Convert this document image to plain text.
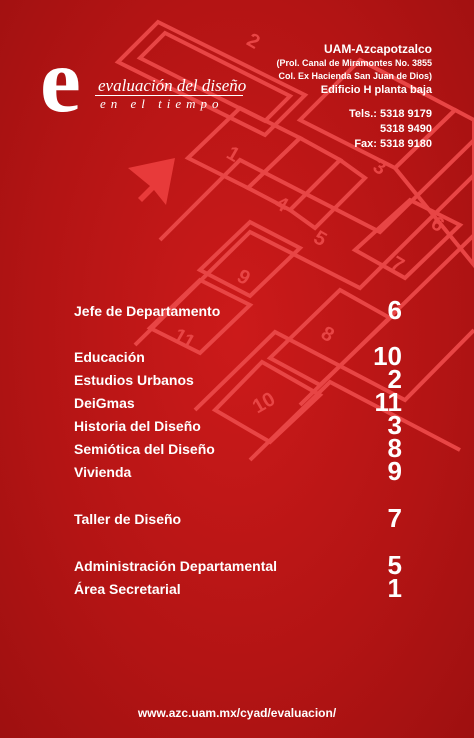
2
1
3
4
5
6
7
9
8
11
10
e evaluación del diseño
en el tiempo
UAM-Azcapotzalco
(Prol. Canal de Miramontes No. 3855
Col. Ex Hacienda San Juan de Dios)
Edificio H planta baja
Tels.: 5318 9179
5318 9490
Fax: 5318 9180
Jefe de Departamento	6
Educación	10
Estudios Urbanos	2
DeiGmas	11
Historia del Diseño	3
Semiótica del Diseño	8
Vivienda	9
Taller de Diseño	7
Administración Departamental	5
Área Secretarial	1
www.azc.uam.mx/cyad/evaluacion/
